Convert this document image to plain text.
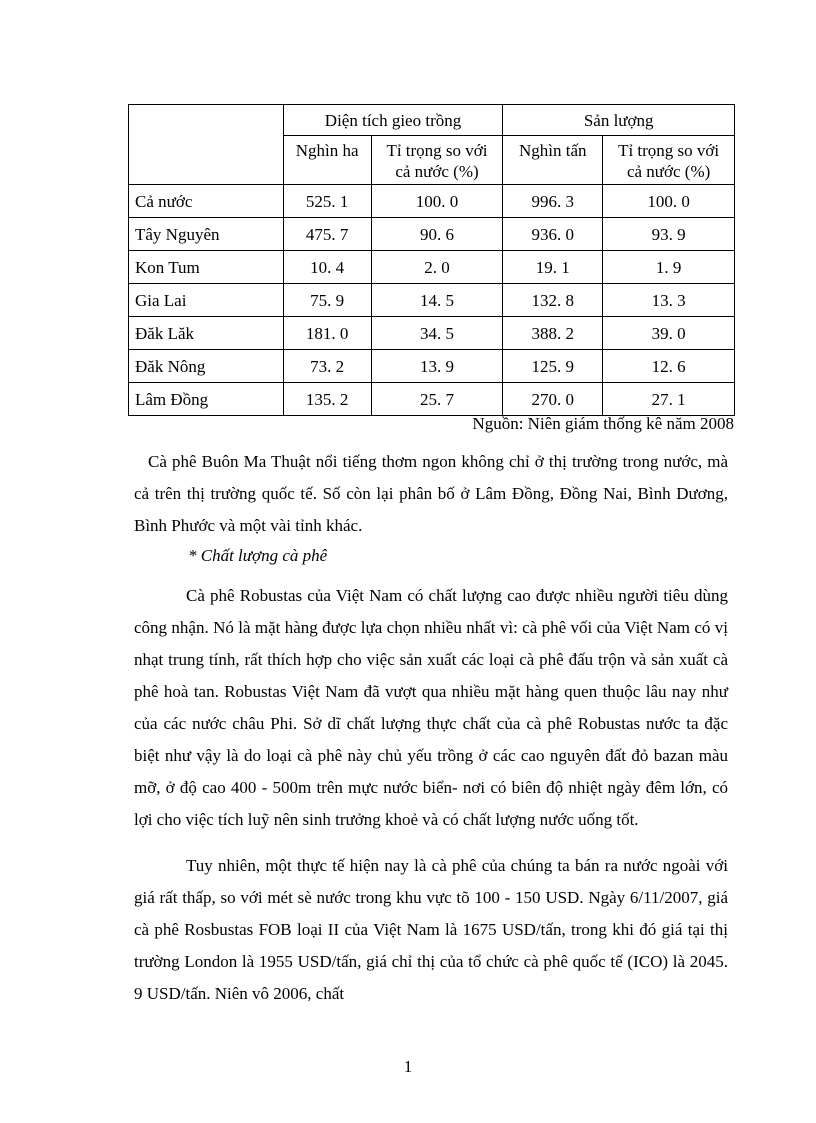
	Diện tích gieo trồng		Sản lượng	
	Nghìn ha	Tỉ trọng so với cả nước (%)	Nghìn tấn	Tỉ trọng so với cả nước (%)
Cả nước	525. 1	100. 0	996. 3	100. 0
Tây Nguyên	475. 7	90. 6	936. 0	93. 9
Kon Tum	10. 4	2. 0	19. 1	1. 9
Gia Lai	75. 9	14. 5	132. 8	13. 3
Đăk Lăk	181. 0	34. 5	388. 2	39. 0
Đăk Nông	73. 2	13. 9	125. 9	12. 6
Lâm Đồng	135. 2	25. 7	270. 0	27. 1
Nguồn: Niên giám thống kê năm 2008

Cà phê Buôn Ma Thuật nổi tiếng thơm ngon không chỉ ở thị trường trong nước, mà cả trên thị trường quốc tế. Số còn lại phân bố ở Lâm Đồng, Đồng Nai, Bình Dương, Bình Phước và một vài tỉnh khác.

* Chất lượng cà phê

Cà phê Robustas của Việt Nam có chất lượng cao được nhiều người tiêu dùng công nhận. Nó là mặt hàng được lựa chọn nhiều nhất vì: cà phê vối của Việt Nam có vị nhạt trung tính, rất thích hợp cho việc sản xuất các loại cà phê đấu trộn và sản xuất cà phê hoà tan. Robustas Việt Nam đã vượt qua nhiều mặt hàng quen thuộc lâu nay như của các nước châu Phi. Sở dĩ chất lượng thực chất của cà phê Robustas nước ta đặc biệt như vậy là do loại cà phê này chủ yếu trồng ở các cao nguyên đất đỏ bazan màu mỡ, ở độ cao 400 - 500m trên mực nước biển- nơi có biên độ nhiệt ngày đêm lớn, có lợi cho việc tích luỹ nên sinh trưởng khoẻ và có chất lượng nước uống tốt.

Tuy nhiên, một thực tế hiện nay là cà phê của chúng ta bán ra nước ngoài với giá rất thấp, so với mét sè nước trong khu vực tõ 100 - 150 USD. Ngày 6/11/2007, giá cà phê Rosbustas FOB loại II của Việt Nam là 1675 USD/tấn, trong khi đó giá tại thị trường London là 1955 USD/tấn, giá chỉ thị của tổ chức cà phê quốc tế (ICO) là 2045. 9 USD/tấn. Niên vô 2006, chất

1
